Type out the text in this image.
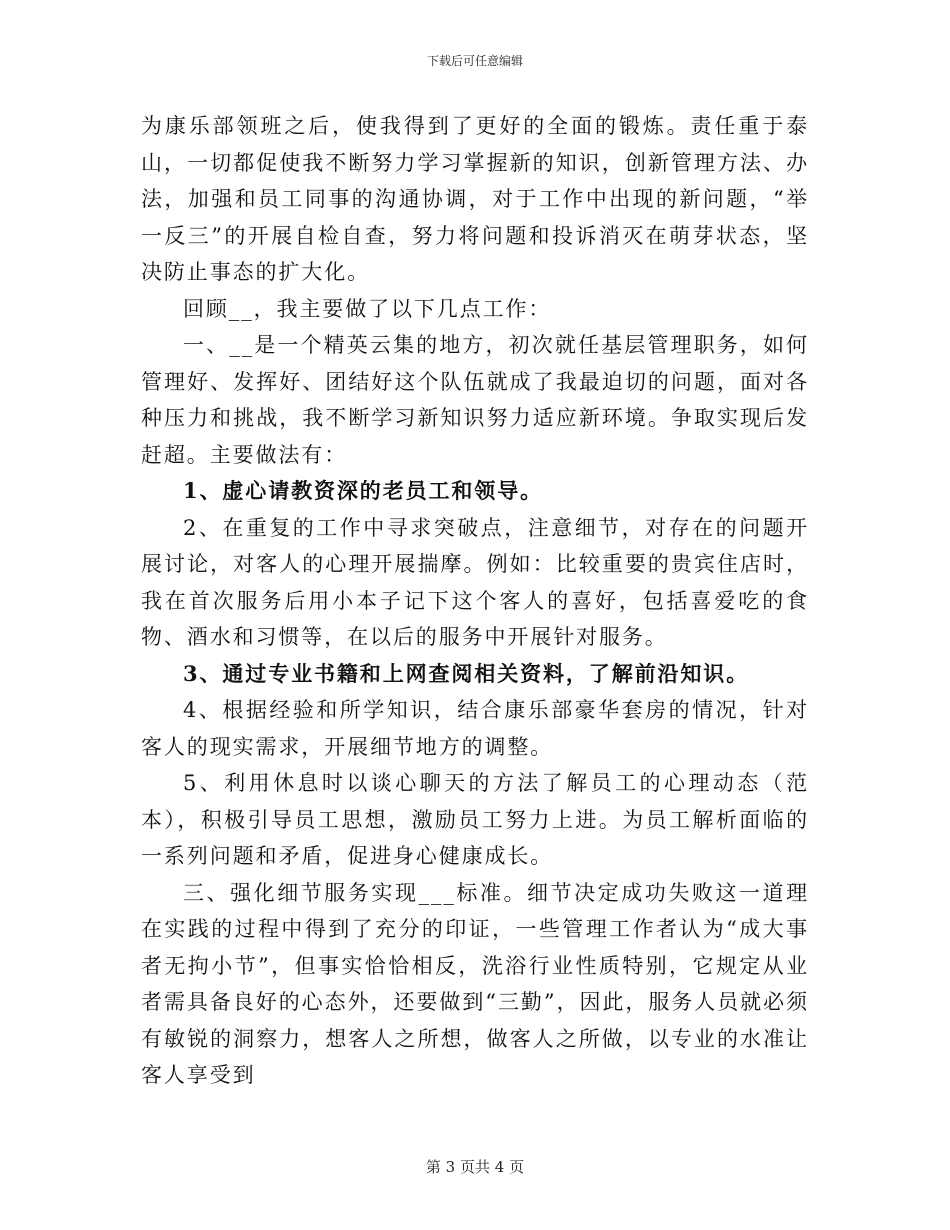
下载后可任意编辑

为康乐部领班之后，使我得到了更好的全面的锻炼。责任重于泰山，一切都促使我不断努力学习掌握新的知识，创新管理方法、办法，加强和员工同事的沟通协调，对于工作中出现的新问题，“举一反三”的开展自检自查，努力将问题和投诉消灭在萌芽状态，坚决防止事态的扩大化。

回顾__，我主要做了以下几点工作：

一、__是一个精英云集的地方，初次就任基层管理职务，如何管理好、发挥好、团结好这个队伍就成了我最迫切的问题，面对各种压力和挑战，我不断学习新知识努力适应新环境。争取实现后发赶超。主要做法有：

1、虚心请教资深的老员工和领导。

2、在重复的工作中寻求突破点，注意细节，对存在的问题开展讨论，对客人的心理开展揣摩。例如：比较重要的贵宾住店时，我在首次服务后用小本子记下这个客人的喜好，包括喜爱吃的食物、酒水和习惯等，在以后的服务中开展针对服务。

3、通过专业书籍和上网查阅相关资料，了解前沿知识。

4、根据经验和所学知识，结合康乐部豪华套房的情况，针对客人的现实需求，开展细节地方的调整。

5、利用休息时以谈心聊天的方法了解员工的心理动态（范本），积极引导员工思想，激励员工努力上进。为员工解析面临的一系列问题和矛盾，促进身心健康成长。

三、强化细节服务实现___标准。细节决定成功失败这一道理在实践的过程中得到了充分的印证，一些管理工作者认为“成大事者无拘小节”，但事实恰恰相反，洗浴行业性质特别，它规定从业者需具备良好的心态外，还要做到“三勤”，因此，服务人员就必须有敏锐的洞察力，想客人之所想，做客人之所做，以专业的水准让客人享受到

第 3 页共 4 页
